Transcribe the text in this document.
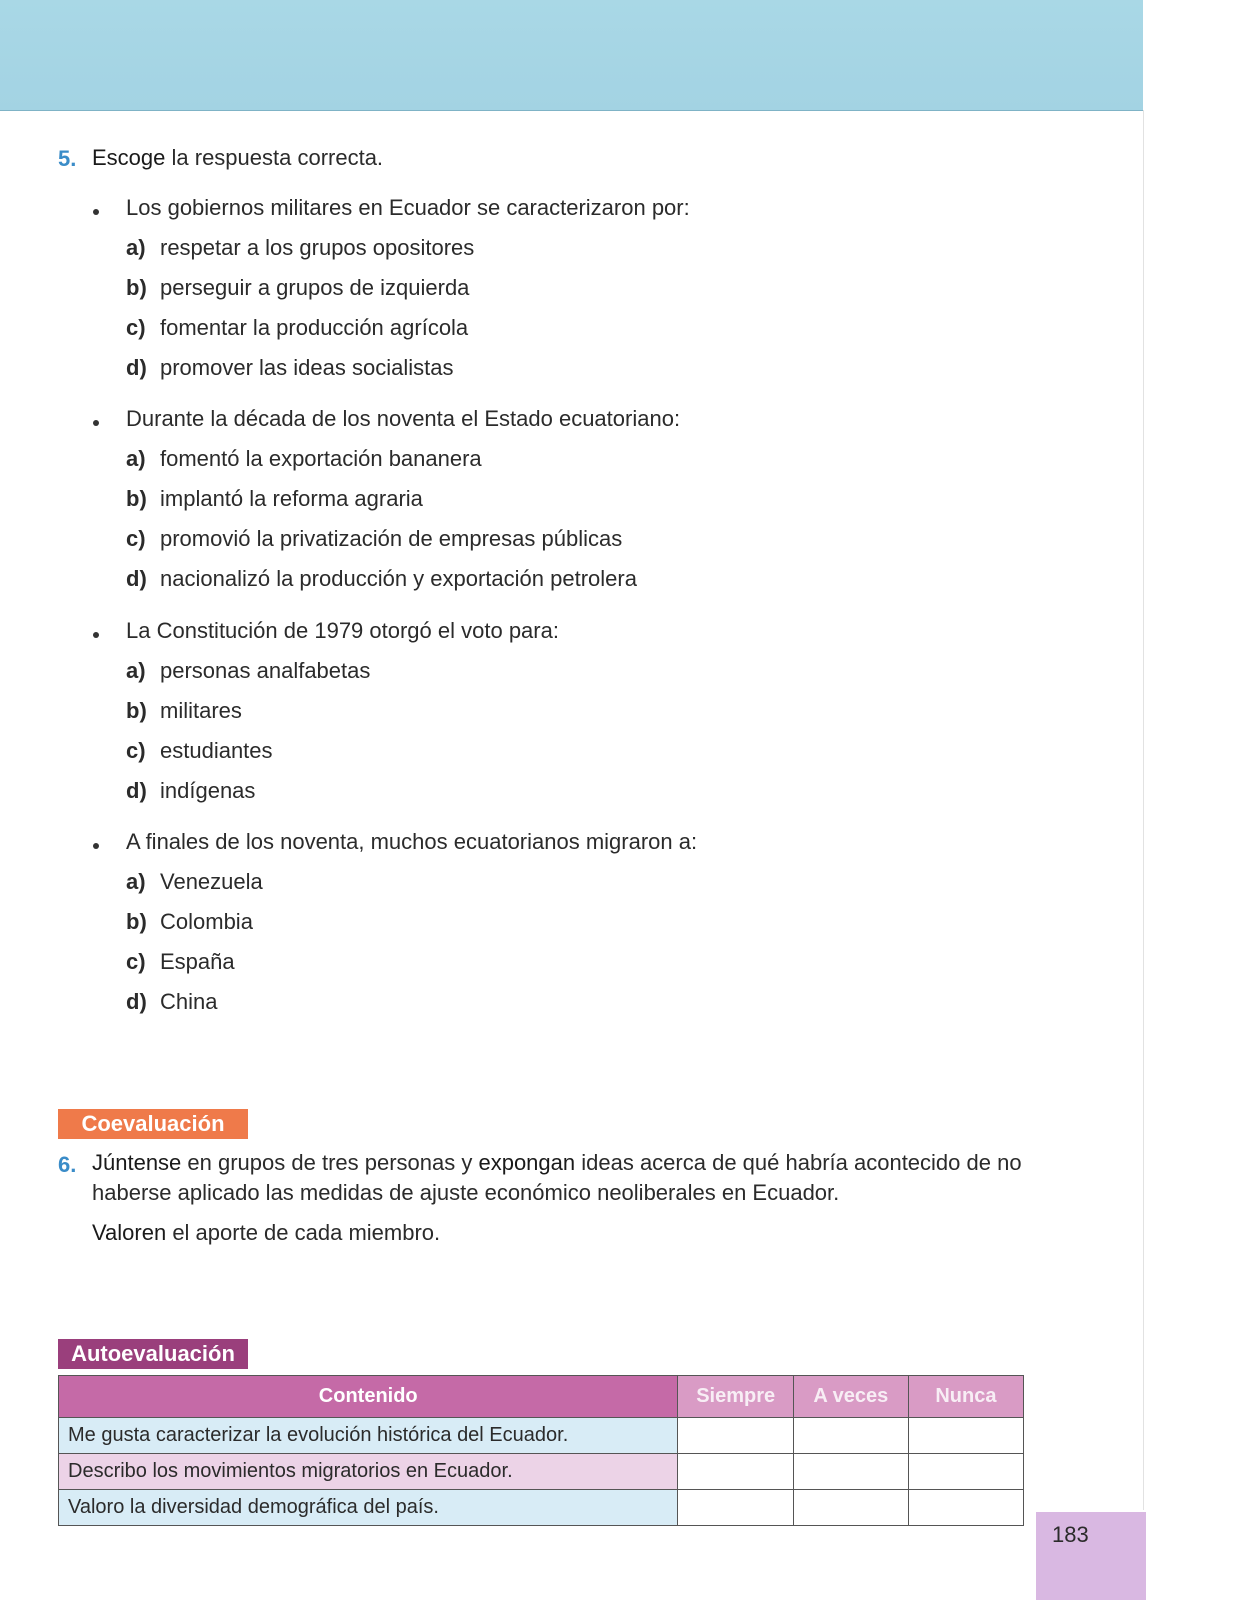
5. Escoge la respuesta correcta.
Los gobiernos militares en Ecuador se caracterizaron por:
a) respetar a los grupos opositores
b) perseguir a grupos de izquierda
c) fomentar la producción agrícola
d) promover las ideas socialistas
Durante la década de los noventa el Estado ecuatoriano:
a) fomentó la exportación bananera
b) implantó la reforma agraria
c) promovió la privatización de empresas públicas
d) nacionalizó la producción y exportación petrolera
La Constitución de 1979 otorgó el voto para:
a) personas analfabetas
b) militares
c) estudiantes
d) indígenas
A finales de los noventa, muchos ecuatorianos migraron a:
a) Venezuela
b) Colombia
c) España
d) China
Coevaluación
6. Júntense en grupos de tres personas y expongan ideas acerca de qué habría acontecido de no
haberse aplicado las medidas de ajuste económico neoliberales en Ecuador.
Valoren el aporte de cada miembro.
Autoevaluación
Contenido	Siempre	A veces	Nunca
Me gusta caracterizar la evolución histórica del Ecuador.			
Describo los movimientos migratorios en Ecuador.			
Valoro la diversidad demográfica del país.			
183
